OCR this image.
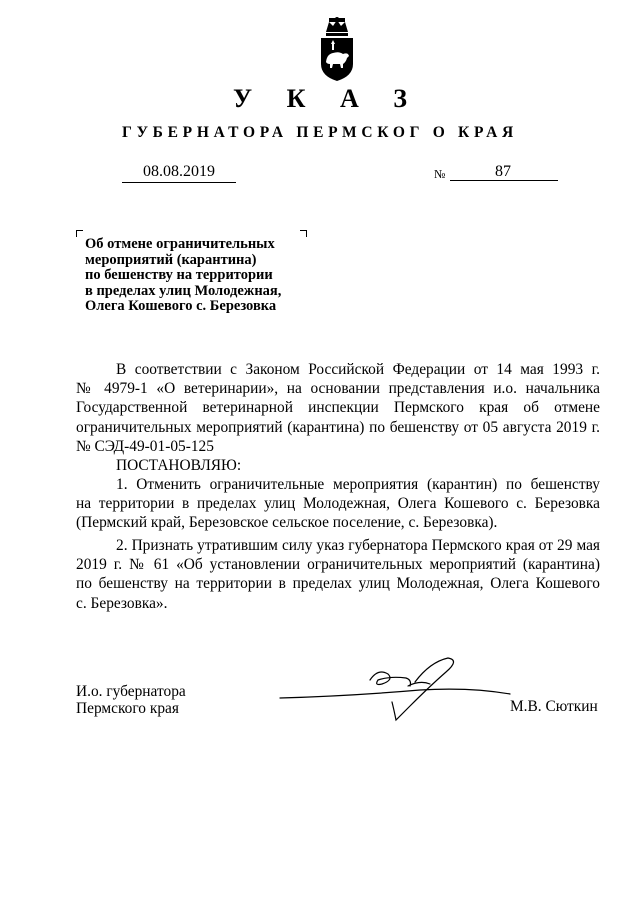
У К А З
ГУБЕРНАТОРА ПЕРМСКОГ О КРАЯ
08.08.2019	№	87
Об отмене ограничительных
мероприятий (карантина)
по бешенству на территории
в пределах улиц Молодежная,
Олега Кошевого с. Березовка
В соответствии с Законом Российской Федерации от 14 мая 1993 г.
№ 4979-1 «О ветеринарии», на основании представления и.о. начальника
Государственной ветеринарной инспекции Пермского края об отмене
ограничительных мероприятий (карантина) по бешенству от 05 августа 2019 г.
№ СЭД-49-01-05-125
ПОСТАНОВЛЯЮ:
1. Отменить ограничительные мероприятия (карантин) по бешенству
на территории в пределах улиц Молодежная, Олега Кошевого с. Березовка
(Пермский край, Березовское сельское поселение, с. Березовка).
2. Признать утратившим силу указ губернатора Пермского края от 29 мая
2019 г. № 61 «Об установлении ограничительных мероприятий (карантина)
по бешенству на территории в пределах улиц Молодежная, Олега Кошевого
с. Березовка».
И.о. губернатора
Пермского края	М.В. Сюткин
